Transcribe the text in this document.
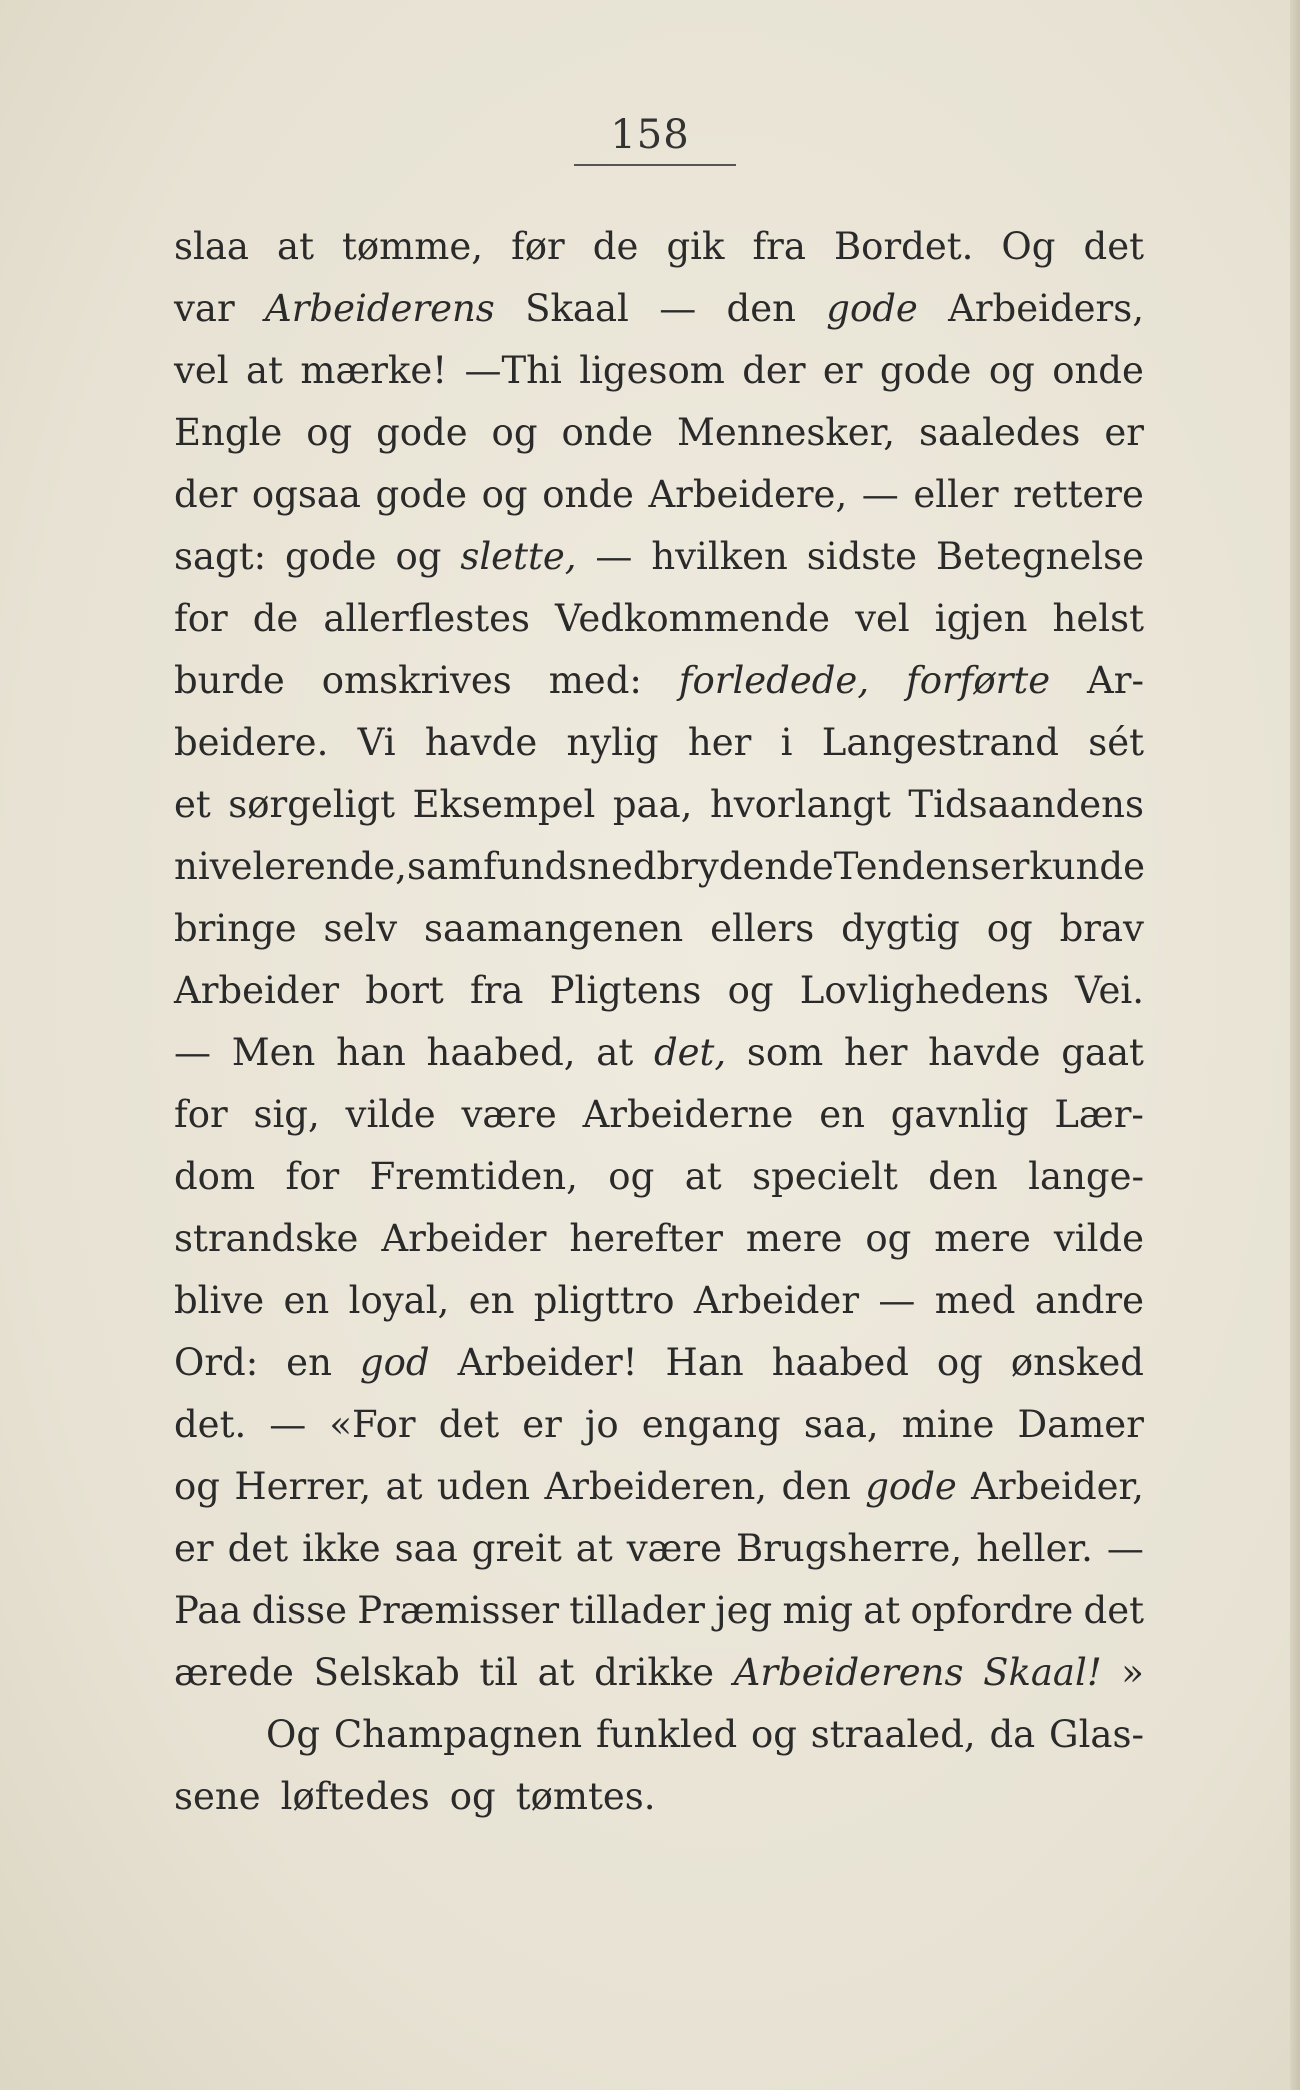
158
slaa at tømme, før de gik fra Bordet. Og det
var Arbeiderens Skaal — den gode Arbeiders,
vel at mærke! —Thi ligesom der er gode og onde
Engle og gode og onde Mennesker, saaledes er
der ogsaa gode og onde Arbeidere, — eller rettere
sagt: gode og slette, — hvilken sidste Betegnelse
for de allerflestes Vedkommende vel igjen helst
burde omskrives med: forledede, forførte Ar-
beidere. Vi havde nylig her i Langestrand sét
et sørgeligt Eksempel paa, hvorlangt Tidsaandens
nivelerende, samfundsnedbrydende Tendenser kunde
bringe selv saamangenen ellers dygtig og brav
Arbeider bort fra Pligtens og Lovlighedens Vei.
— Men han haabed, at det, som her havde gaat
for sig, vilde være Arbeiderne en gavnlig Lær-
dom for Fremtiden, og at specielt den lange-
strandske Arbeider herefter mere og mere vilde
blive en loyal, en pligttro Arbeider — med andre
Ord: en god Arbeider! Han haabed og ønsked
det. — «For det er jo engang saa, mine Damer
og Herrer, at uden Arbeideren, den gode Arbeider,
er det ikke saa greit at være Brugsherre, heller. —
Paa disse Præmisser tillader jeg mig at opfordre det
ærede Selskab til at drikke Arbeiderens Skaal! »
Og Champagnen funkled og straaled, da Glas-
sene løftedes og tømtes.
